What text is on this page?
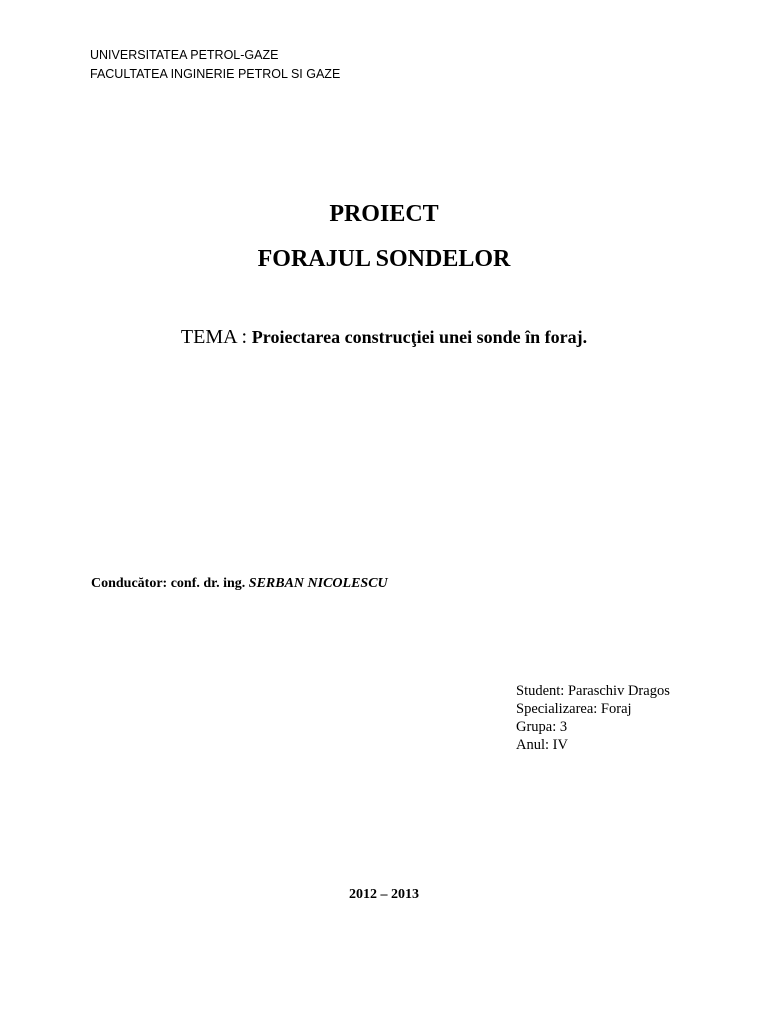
UNIVERSITATEA PETROL-GAZE
FACULTATEA INGINERIE PETROL SI GAZE
PROIECT
FORAJUL SONDELOR
TEMA : Proiectarea construcţiei unei sonde în foraj.
Conducător: conf. dr. ing. SERBAN NICOLESCU
Student: Paraschiv Dragos
Specializarea: Foraj
Grupa: 3
Anul: IV
2012 – 2013
